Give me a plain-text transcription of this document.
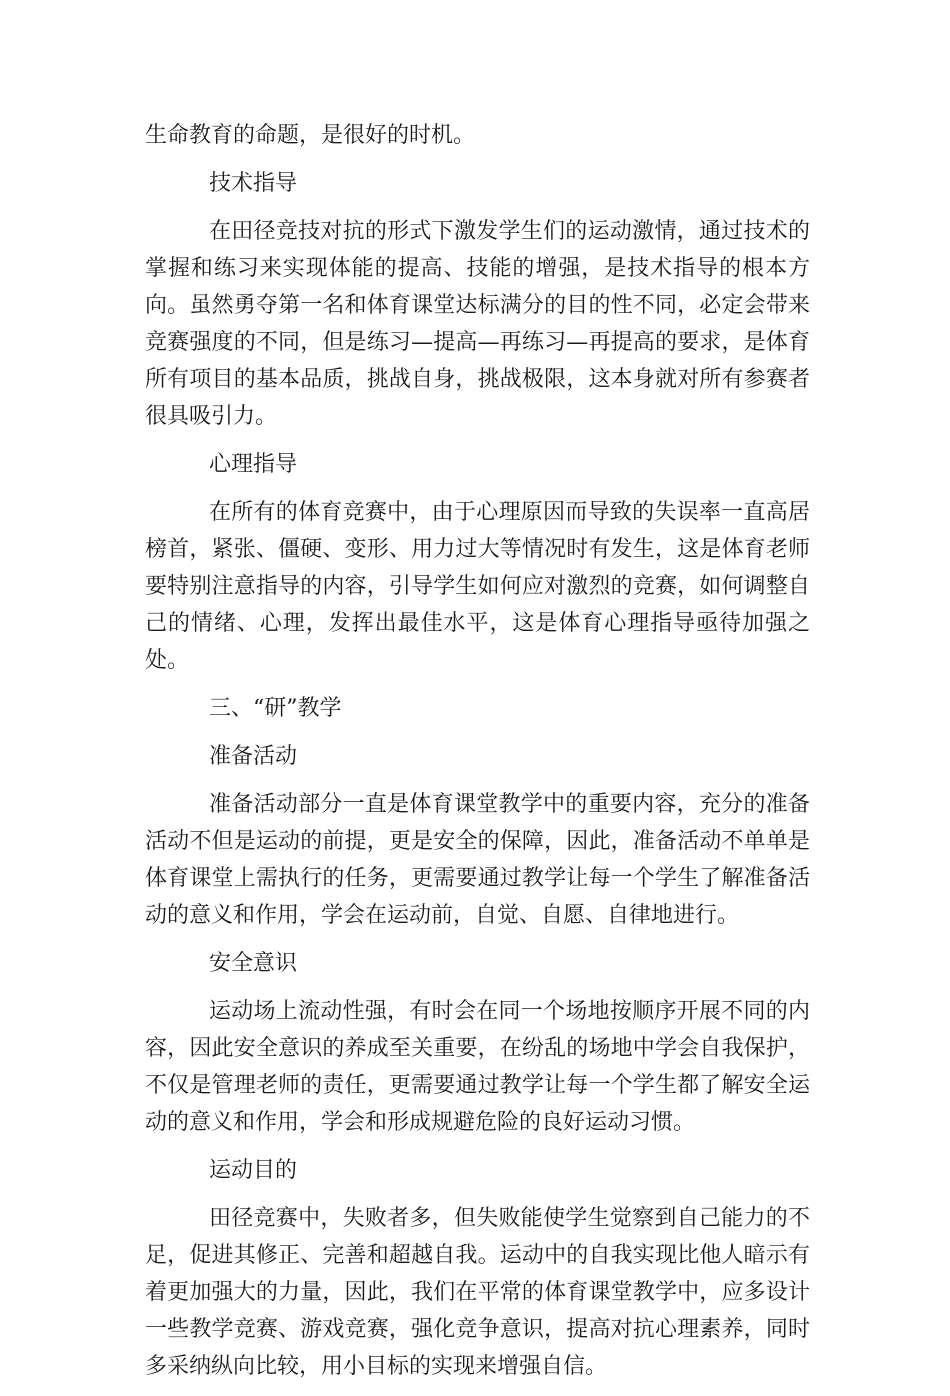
生命教育的命题，是很好的时机。

技术指导

在田径竞技对抗的形式下激发学生们的运动激情，通过技术的掌握和练习来实现体能的提高、技能的增强，是技术指导的根本方向。虽然勇夺第一名和体育课堂达标满分的目的性不同，必定会带来竞赛强度的不同，但是练习—提高—再练习—再提高的要求，是体育所有项目的基本品质，挑战自身，挑战极限，这本身就对所有参赛者很具吸引力。

心理指导

在所有的体育竞赛中，由于心理原因而导致的失误率一直高居榜首，紧张、僵硬、变形、用力过大等情况时有发生，这是体育老师要特别注意指导的内容，引导学生如何应对激烈的竞赛，如何调整自己的情绪、心理，发挥出最佳水平，这是体育心理指导亟待加强之处。

三、“研”教学

准备活动

准备活动部分一直是体育课堂教学中的重要内容，充分的准备活动不但是运动的前提，更是安全的保障，因此，准备活动不单单是体育课堂上需执行的任务，更需要通过教学让每一个学生了解准备活动的意义和作用，学会在运动前，自觉、自愿、自律地进行。

安全意识

运动场上流动性强，有时会在同一个场地按顺序开展不同的内容，因此安全意识的养成至关重要，在纷乱的场地中学会自我保护，不仅是管理老师的责任，更需要通过教学让每一个学生都了解安全运动的意义和作用，学会和形成规避危险的良好运动习惯。

运动目的

田径竞赛中，失败者多，但失败能使学生觉察到自己能力的不足，促进其修正、完善和超越自我。运动中的自我实现比他人暗示有着更加强大的力量，因此，我们在平常的体育课堂教学中，应多设计一些教学竞赛、游戏竞赛，强化竞争意识，提高对抗心理素养，同时多采纳纵向比较，用小目标的实现来增强自信。
